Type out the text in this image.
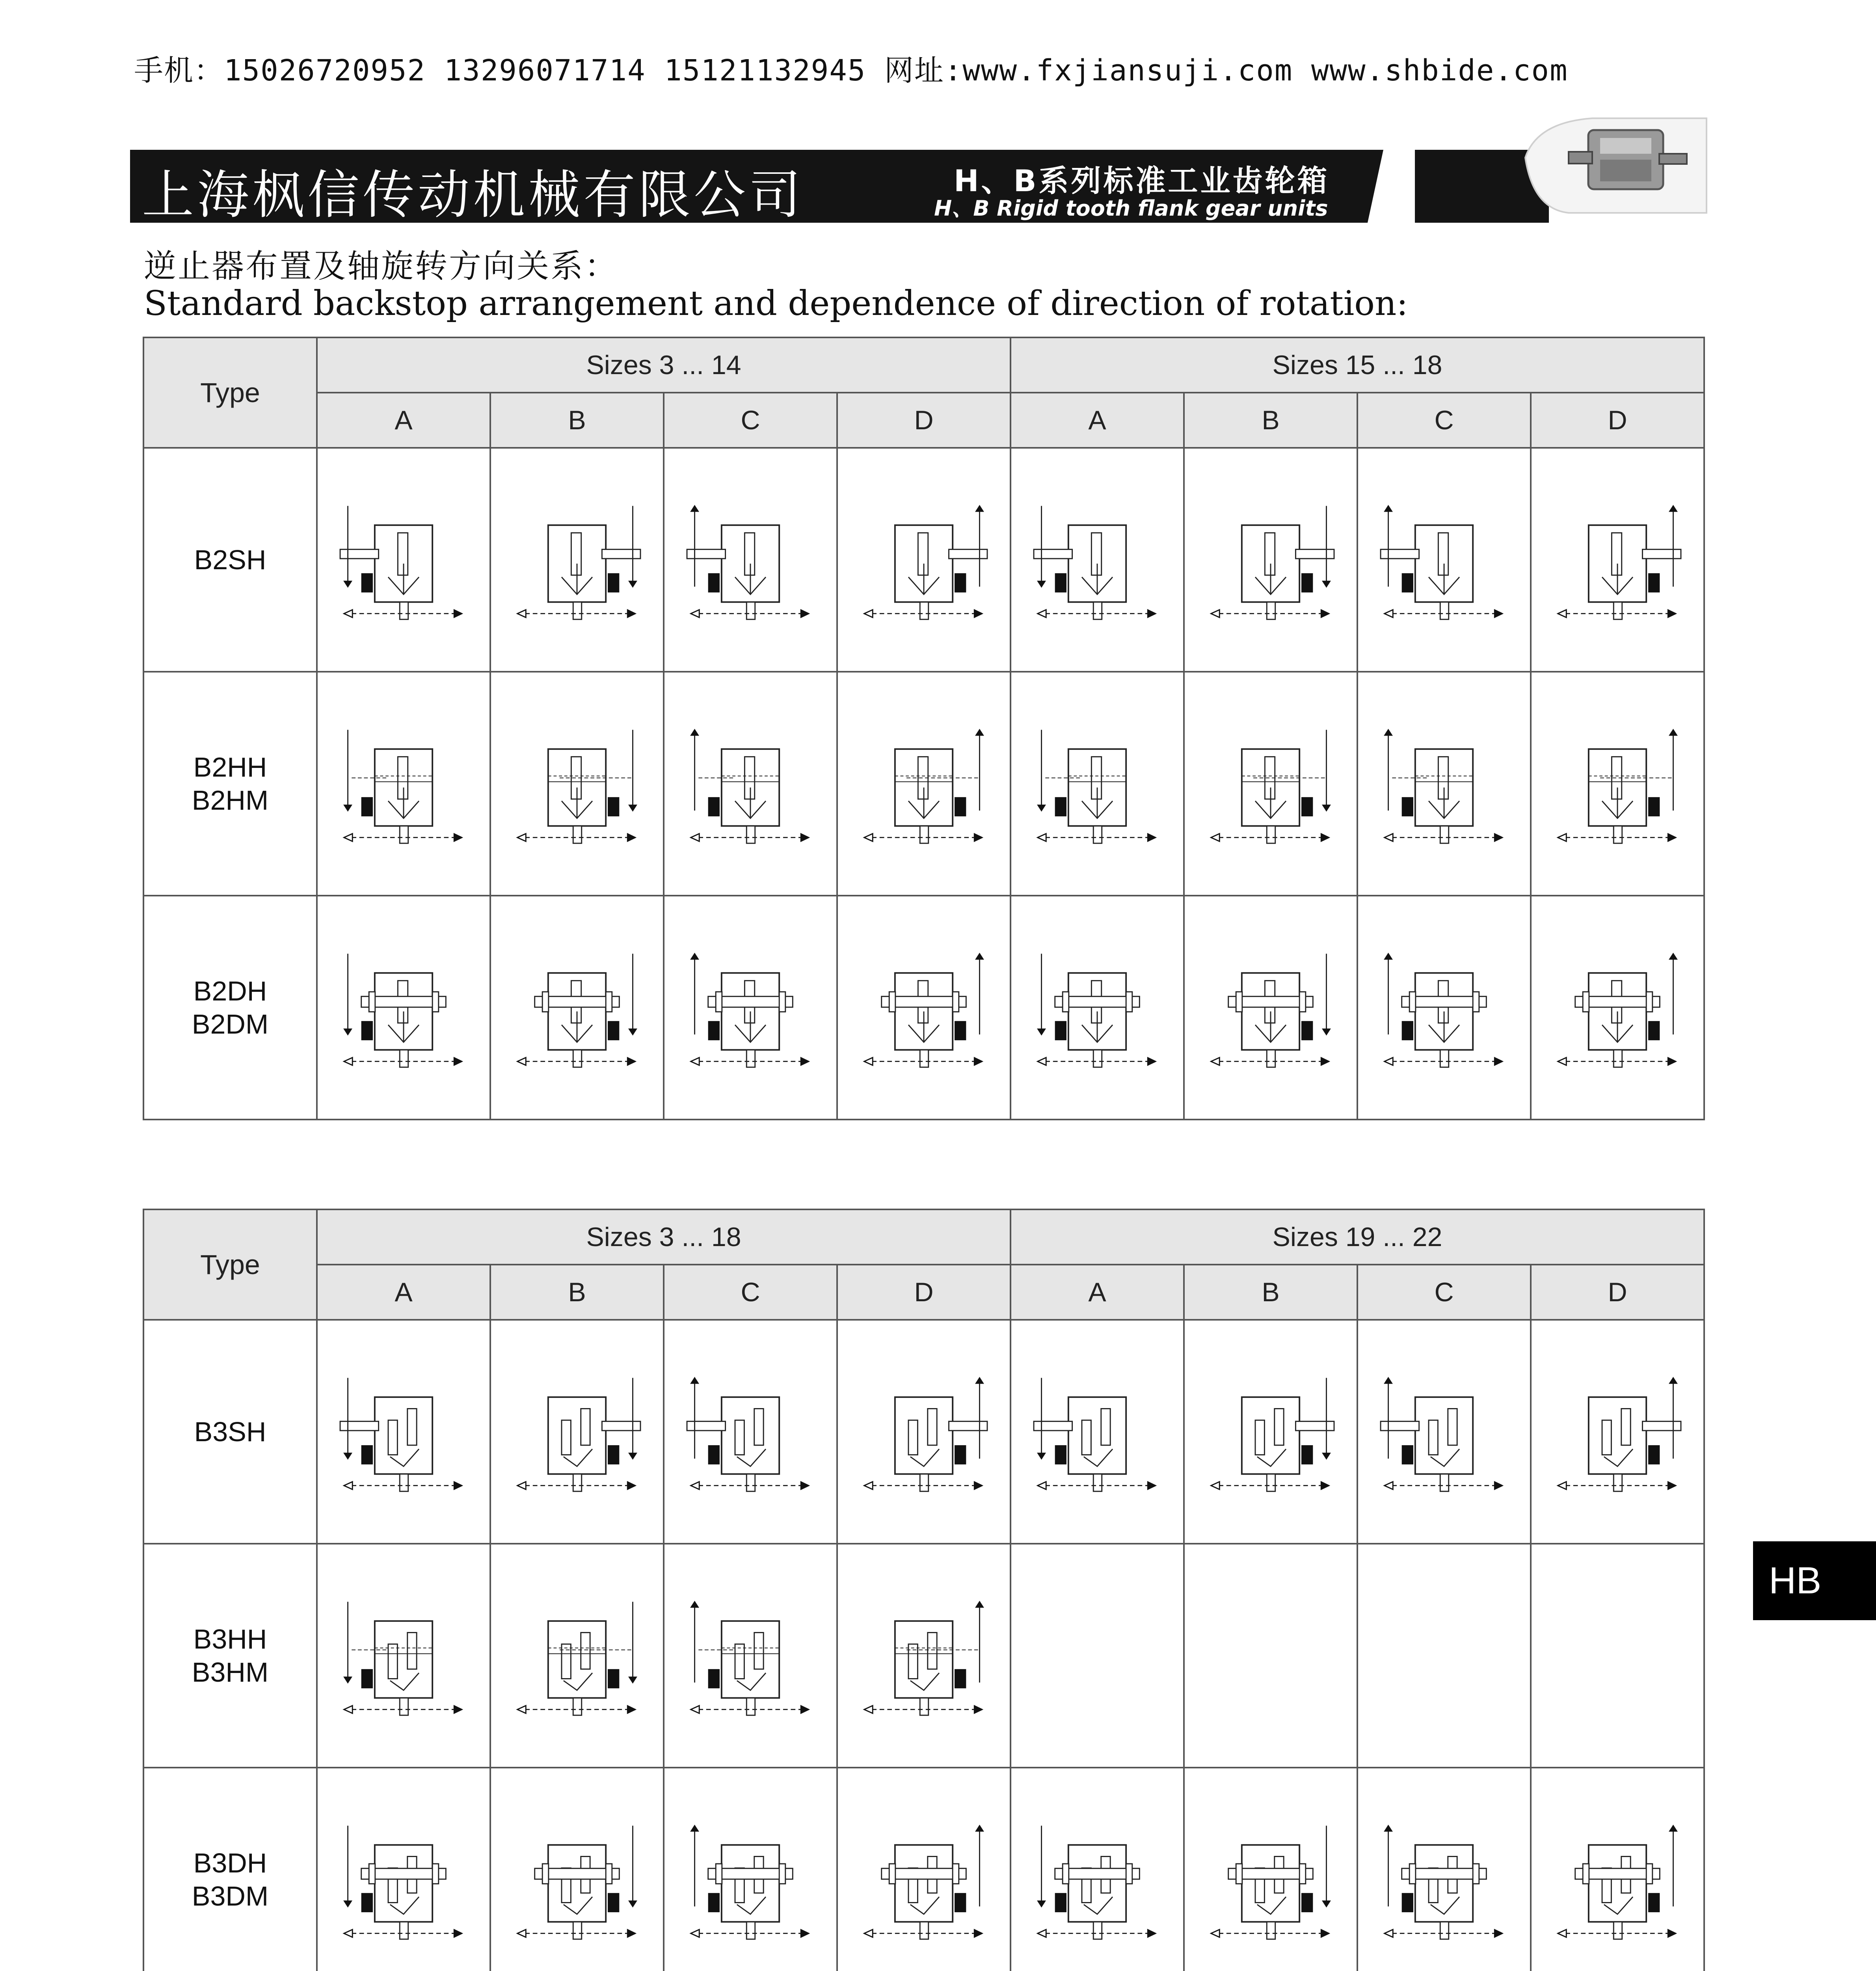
手机：15026720952 13296071714 15121132945 网址:www.fxjiansuji.com www.shbide.com
上海枫信传动机械有限公司	H、B系列标准工业齿轮箱
H、B Rigid tooth flank gear units
逆止器布置及轴旋转方向关系：
Standard backstop arrangement and dependence of direction of rotation:
Type	Sizes 3 ... 14				Sizes 15 ... 18			
	A	B	C	D	A	B	C	D
B2SH	

B2HH
B2HM	

B2DH
B2DM	

Type	Sizes 3 ... 18				Sizes 19 ... 22			
	A	B	C	D	A	B	C	D
B3SH	

B3HH
B3HM	

B3DH
B3DM	

HB
